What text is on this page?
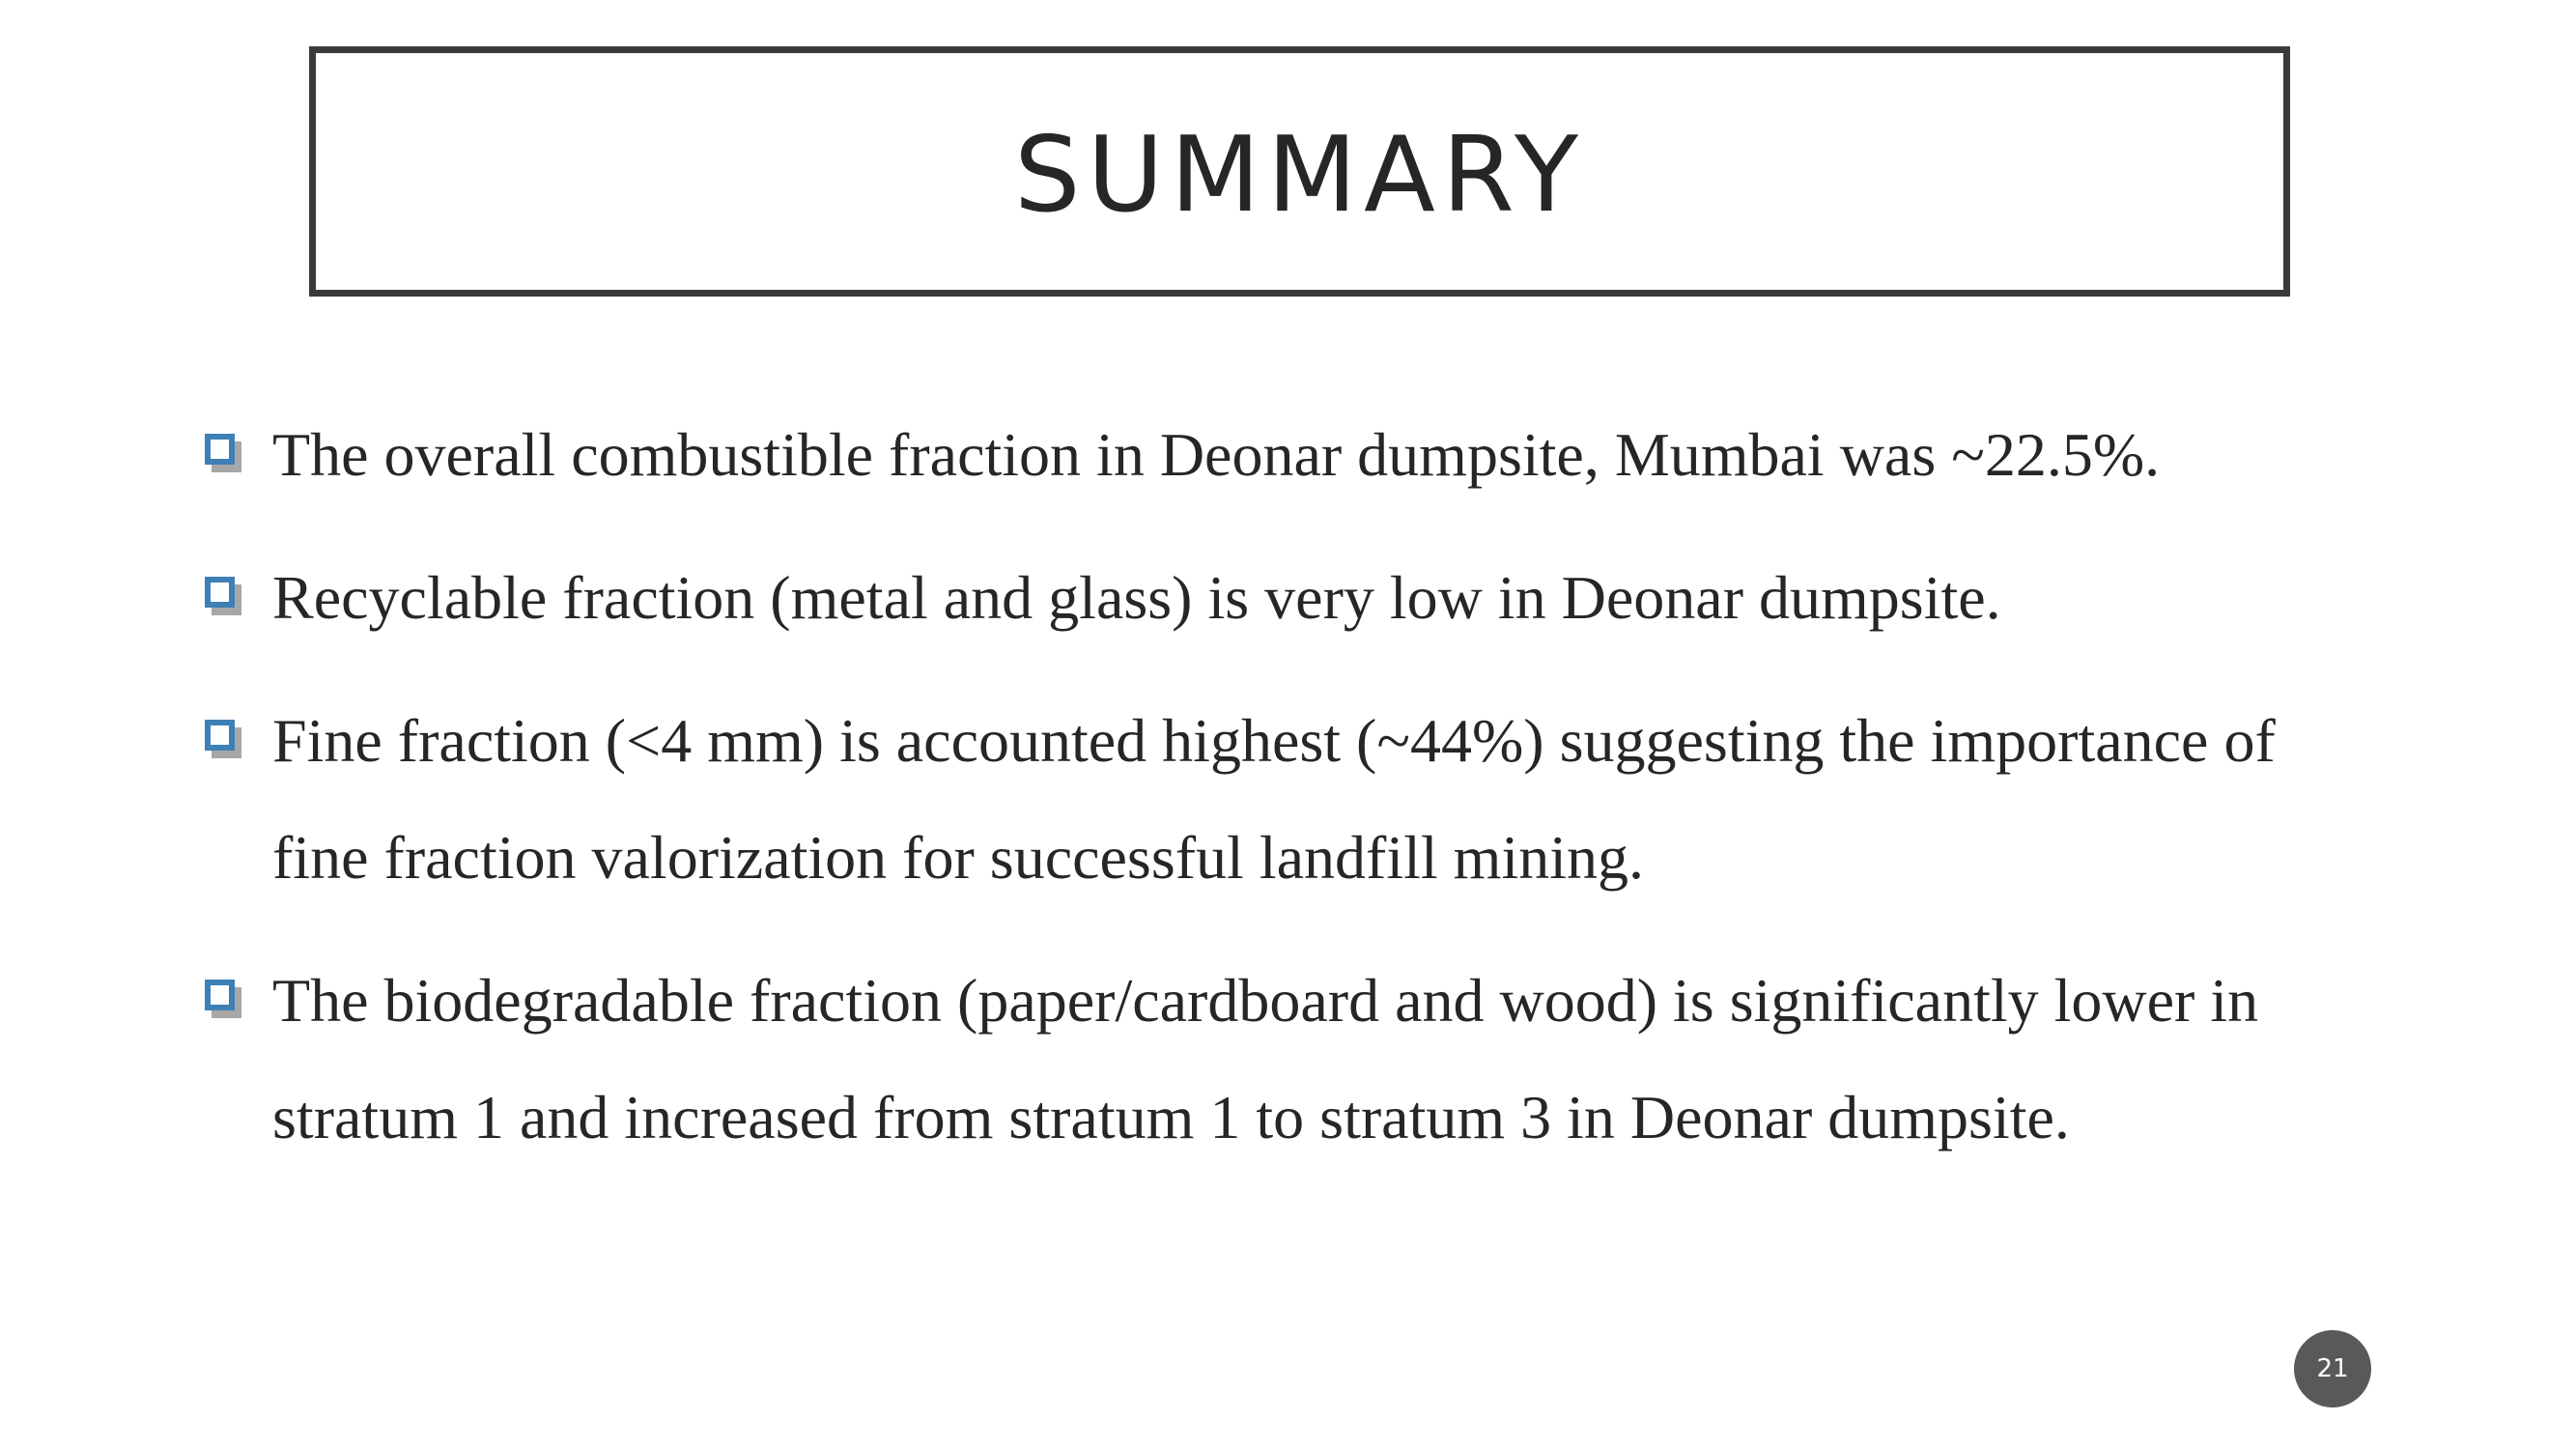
SUMMARY
The overall combustible fraction in Deonar dumpsite, Mumbai was ~22.5%.
Recyclable fraction (metal and glass) is very low in Deonar dumpsite.
Fine fraction (<4 mm) is accounted highest (~44%) suggesting the importance of fine fraction valorization for successful landfill mining.
The biodegradable fraction (paper/cardboard and wood) is significantly lower in stratum 1 and increased from stratum 1 to stratum 3 in Deonar dumpsite.
21
